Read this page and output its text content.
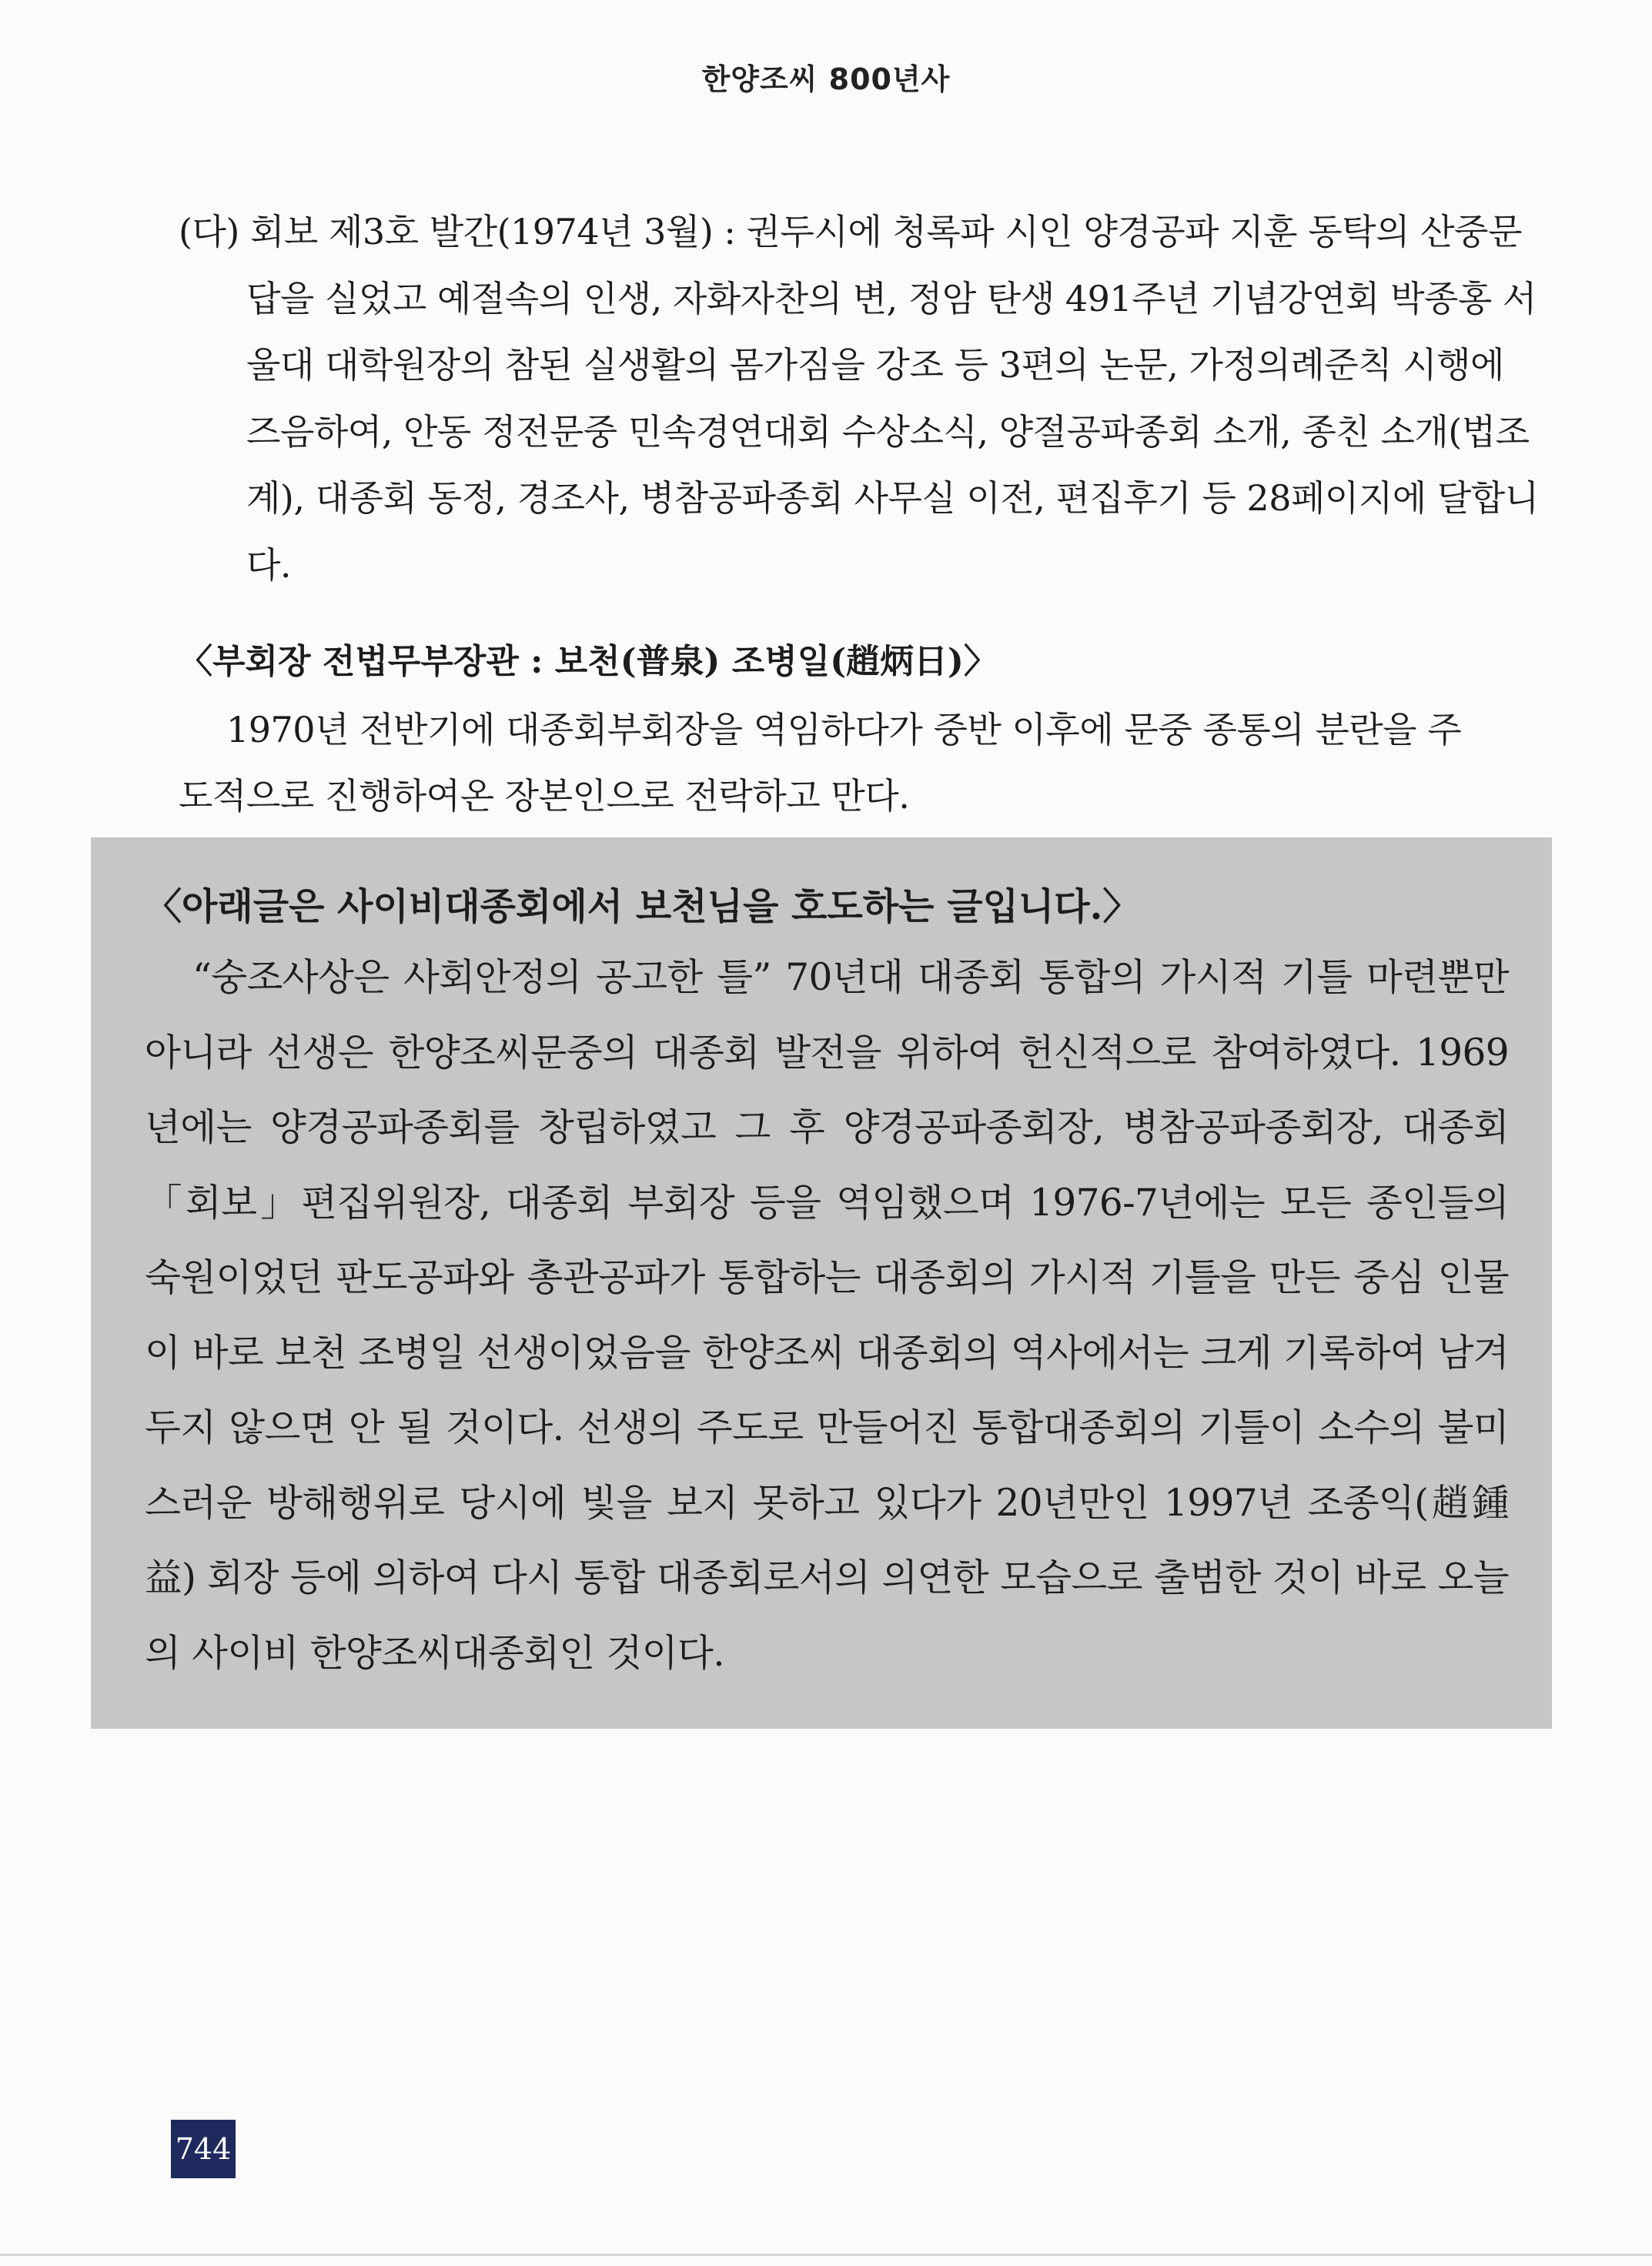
한양조씨 800년사
(다) 회보 제3호 발간(1974년 3월) : 권두시에 청록파 시인 양경공파 지훈 동탁의 산중문답을 실었고 예절속의 인생, 자화자찬의 변, 정암 탄생 491주년 기념강연회 박종홍 서울대 대학원장의 참된 실생활의 몸가짐을 강조 등 3편의 논문, 가정의례준칙 시행에 즈음하여, 안동 정전문중 민속경연대회 수상소식, 양절공파종회 소개, 종친 소개(법조계), 대종회 동정, 경조사, 병참공파종회 사무실 이전, 편집후기 등 28페이지에 달합니다.
〈부회장 전법무부장관 : 보천(普泉) 조병일(趙炳日)〉
1970년 전반기에 대종회부회장을 역임하다가 중반 이후에 문중 종통의 분란을 주도적으로 진행하여온 장본인으로 전락하고 만다.
〈아래글은 사이비대종회에서 보천님을 호도하는 글입니다.〉
“숭조사상은 사회안정의 공고한 틀” 70년대 대종회 통합의 가시적 기틀 마련뿐만 아니라 선생은 한양조씨문중의 대종회 발전을 위하여 헌신적으로 참여하였다. 1969년에는 양경공파종회를 창립하였고 그 후 양경공파종회장, 병참공파종회장, 대종회「회보」편집위원장, 대종회 부회장 등을 역임했으며 1976-7년에는 모든 종인들의 숙원이었던 판도공파와 총관공파가 통합하는 대종회의 가시적 기틀을 만든 중심 인물이 바로 보천 조병일 선생이었음을 한양조씨 대종회의 역사에서는 크게 기록하여 남겨 두지 않으면 안 될 것이다. 선생의 주도로 만들어진 통합대종회의 기틀이 소수의 불미스러운 방해행위로 당시에 빛을 보지 못하고 있다가 20년만인 1997년 조종익(趙鍾益) 회장 등에 의하여 다시 통합 대종회로서의 의연한 모습으로 출범한 것이 바로 오늘의 사이비 한양조씨대종회인 것이다.
744
